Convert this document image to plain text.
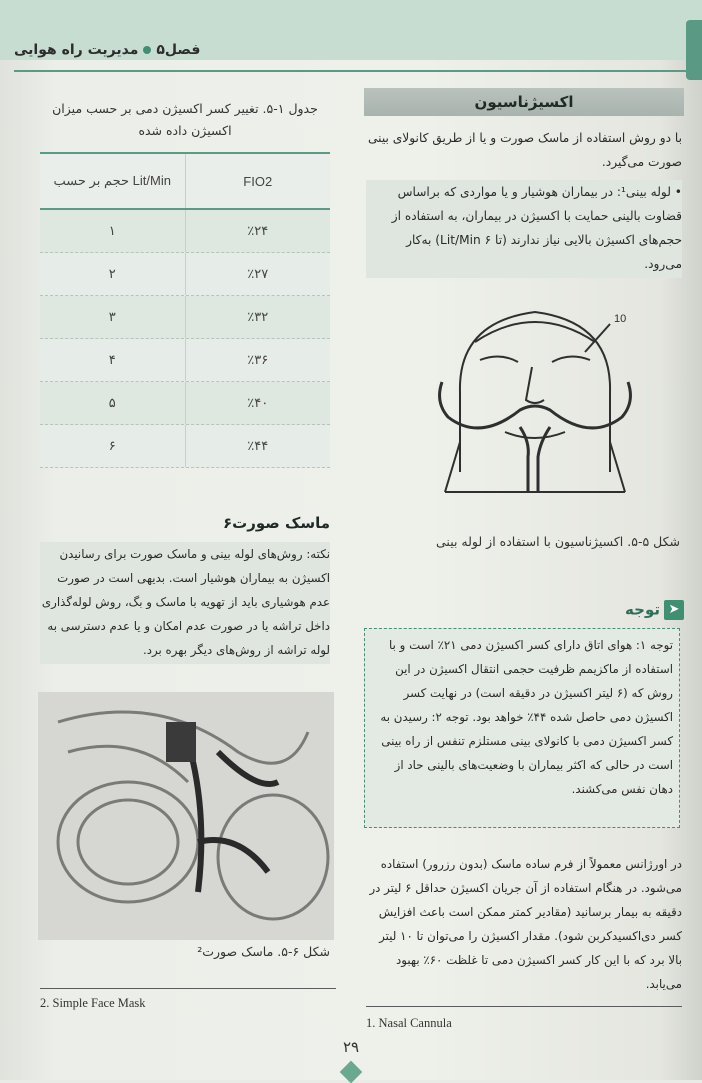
فصل۵مدیریت راه هوایی
اکسیژناسیون
با دو روش استفاده از ماسک صورت و یا از طریق کانولای بینی صورت می‌گیرد.
• لوله بینی¹: در بیماران هوشیار و یا مواردی که براساس قضاوت بالینی حمایت با اکسیژن در بیماران، به استفاده از حجم‌های اکسیژن بالایی نیاز ندارند (تا ۶ Lit/Min) به‌کار می‌رود.
10
شکل ۵-۵. اکسیژناسیون با استفاده از لوله بینی
➤توجه
توجه ۱: هوای اتاق دارای کسر اکسیژن دمی ۲۱٪ است و با استفاده از ماکزیمم ظرفیت حجمی انتقال اکسیژن در این روش که (۶ لیتر اکسیژن در دقیقه است) در نهایت کسر اکسیژن دمی حاصل شده ۴۴٪ خواهد بود. توجه ۲: رسیدن به کسر اکسیژن دمی با کانولای بینی مستلزم تنفس از راه بینی است در حالی که اکثر بیماران با وضعیت‌های بالینی حاد از دهان نفس می‌کشند.
در اورژانس معمولاً از فرم ساده ماسک (بدون رزرور) استفاده می‌شود. در هنگام استفاده از آن جریان اکسیژن حداقل ۶ لیتر در دقیقه به بیمار برسانید (مقادیر کمتر ممکن است باعث افزایش کسر دی‌اکسیدکربن شود). مقدار اکسیژن را می‌توان تا ۱۰ لیتر بالا برد که با این کار کسر اکسیژن دمی تا غلظت ۶۰٪ بهبود می‌یابد.
جدول ۱-۵. تغییر کسر اکسیژن دمی بر حسب میزان اکسیژن داده شده
حجم بر حسب Lit/Min	FIO2
۱	٪۲۴
۲	٪۲۷
۳	٪۳۲
۴	٪۳۶
۵	٪۴۰
۶	٪۴۴
ماسک صورت۶
نکته: روش‌های لوله بینی و ماسک صورت برای رسانیدن اکسیژن به بیماران هوشیار است. بدیهی است در صورت عدم هوشیاری باید از تهویه با ماسک و بگ، روش لوله‌گذاری داخل تراشه یا در صورت عدم امکان و یا عدم دسترسی به لوله تراشه از روش‌های دیگر بهره برد.
شکل ۶-۵. ماسک صورت²
2. Simple Face Mask
1. Nasal Cannula
۲۹
